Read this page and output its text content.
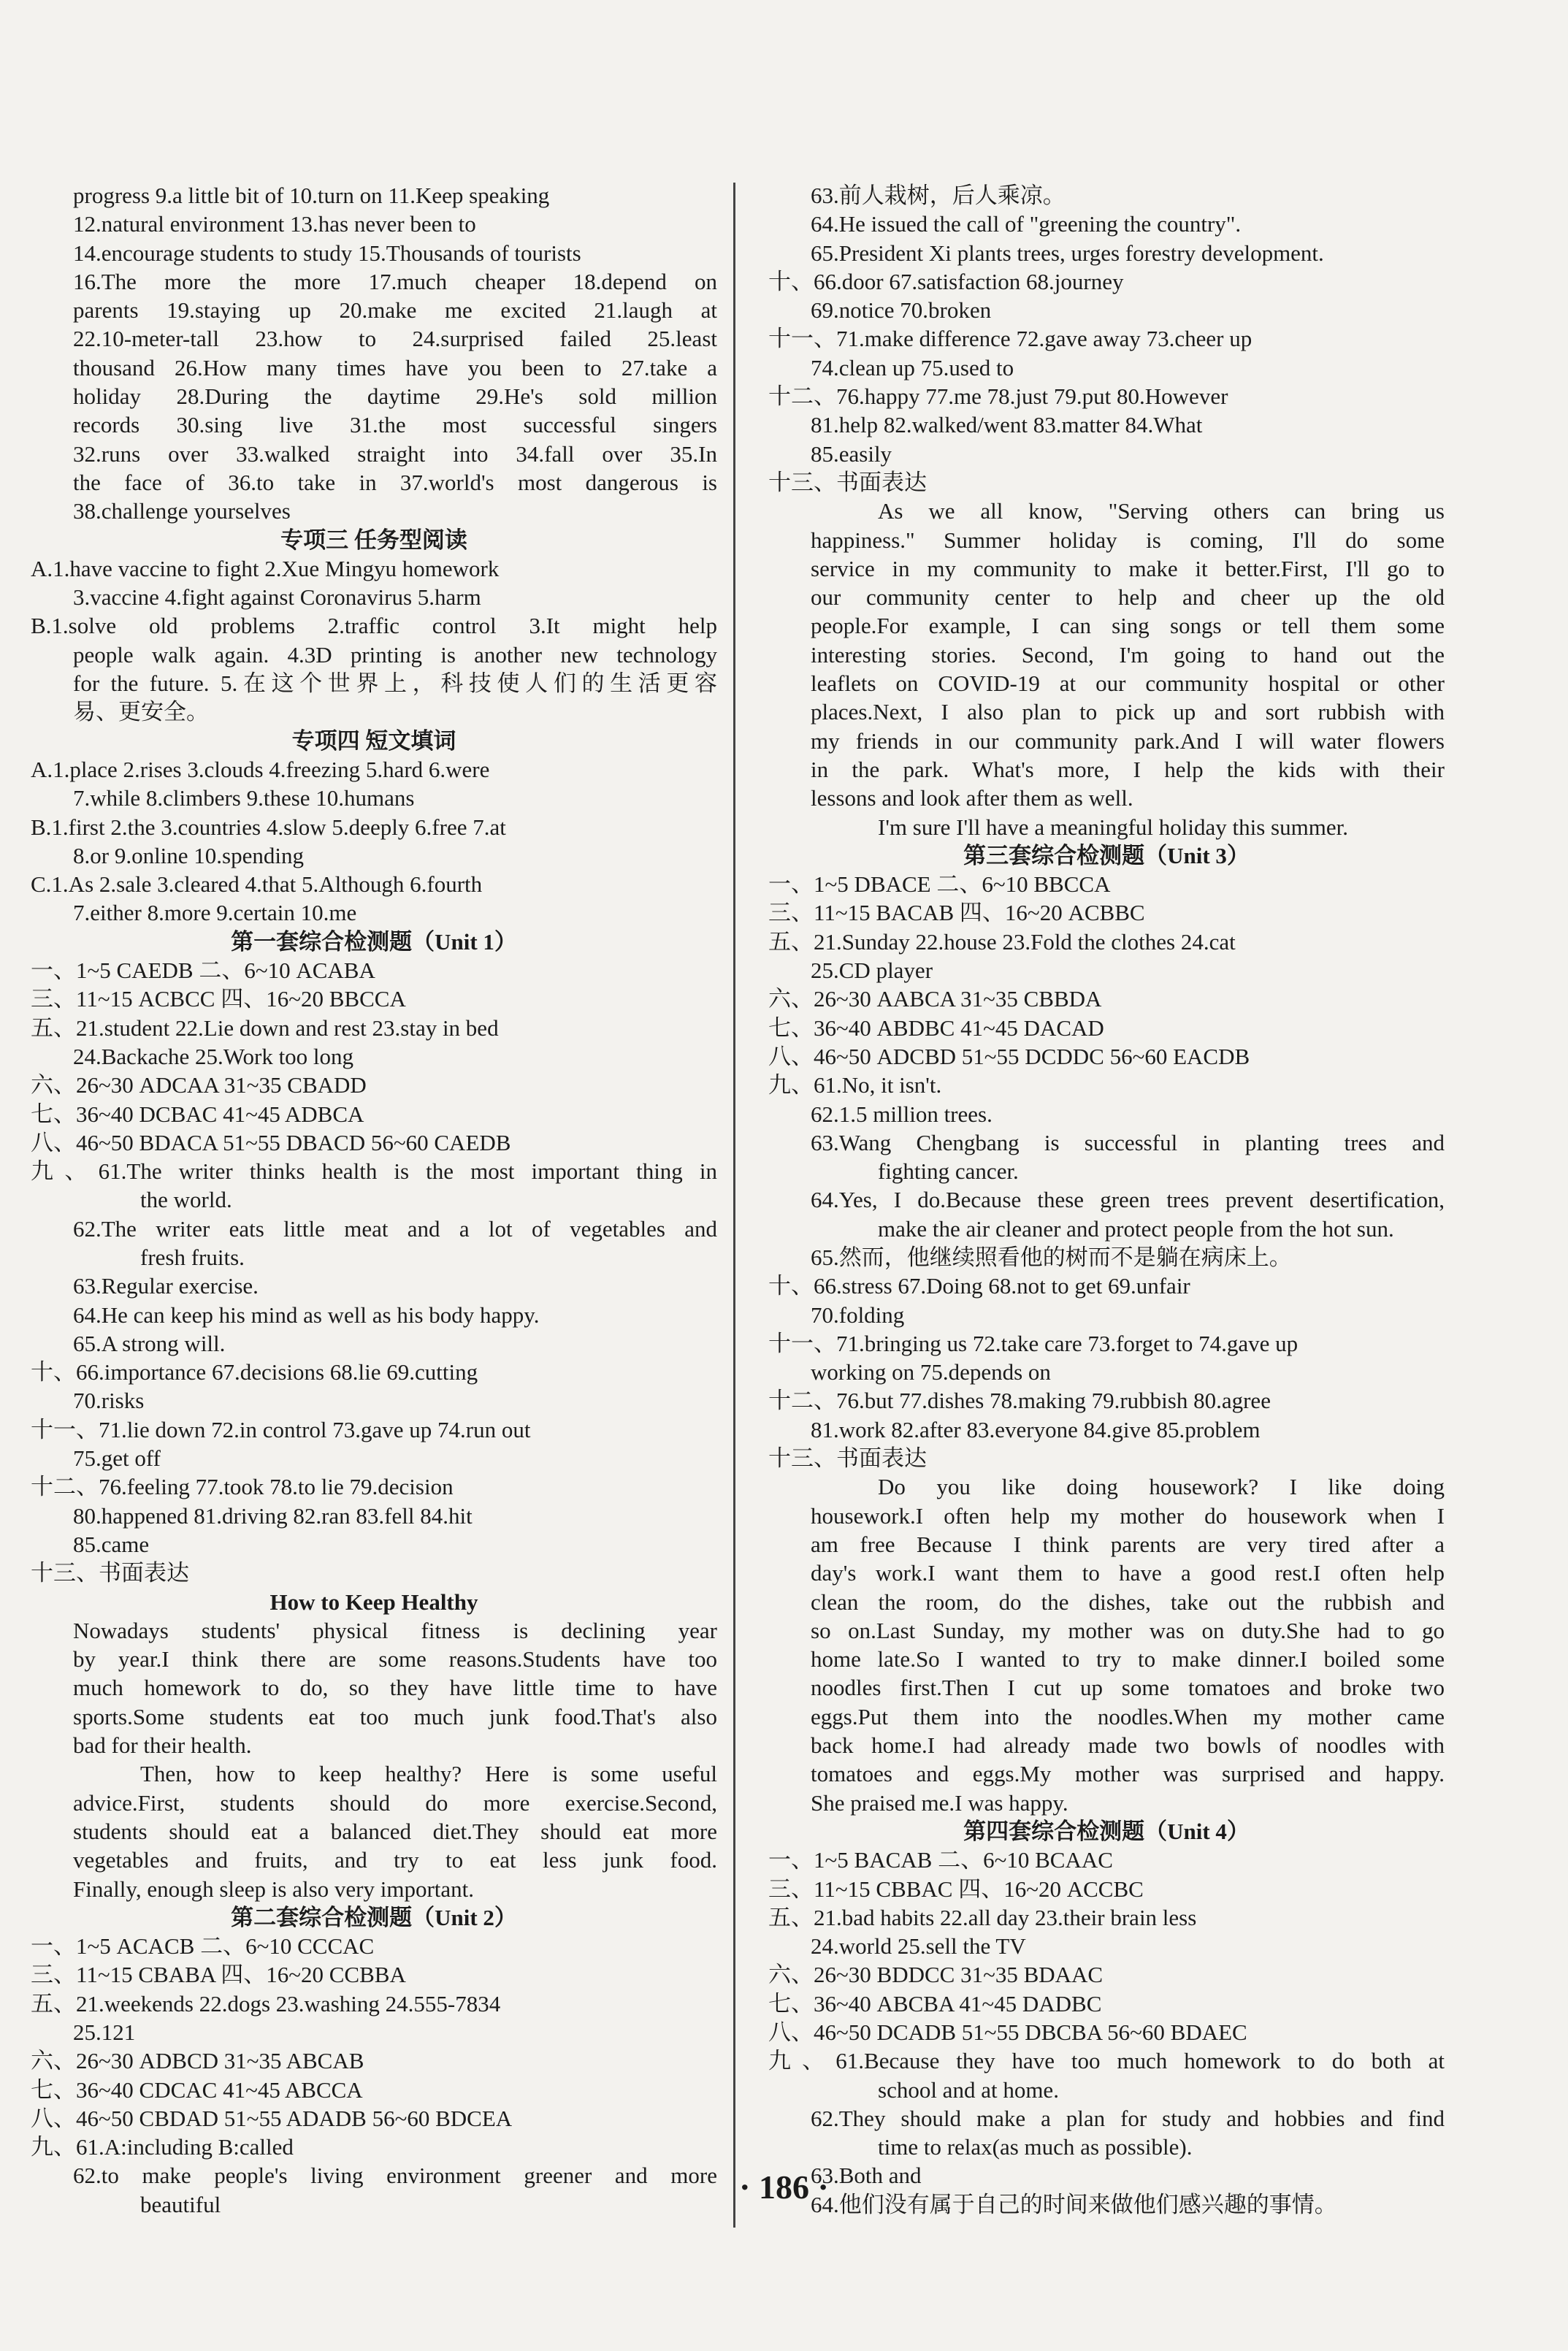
progress 9.a little bit of 10.turn on 11.Keep speaking
12.natural environment 13.has never been to
14.encourage students to study 15.Thousands of tourists
16.The more the more 17.much cheaper 18.depend on
parents 19.staying up 20.make me excited 21.laugh at
22.10-meter-tall 23.how to 24.surprised failed 25.least
thousand 26.How many times have you been to 27.take a
holiday 28.During the daytime 29.He's sold million
records 30.sing live 31.the most successful singers
32.runs over 33.walked straight into 34.fall over 35.In
the face of 36.to take in 37.world's most dangerous is
38.challenge yourselves
专项三 任务型阅读
A.1.have vaccine to fight 2.Xue Mingyu homework
3.vaccine 4.fight against Coronavirus 5.harm
B.1.solve old problems 2.traffic control 3.It might help
people walk again. 4.3D printing is another new technology
for the future. 5.在这个世界上，科技使人们的生活更容
易、更安全。
专项四 短文填词
A.1.place 2.rises 3.clouds 4.freezing 5.hard 6.were
7.while 8.climbers 9.these 10.humans
B.1.first 2.the 3.countries 4.slow 5.deeply 6.free 7.at
8.or 9.online 10.spending
C.1.As 2.sale 3.cleared 4.that 5.Although 6.fourth
7.either 8.more 9.certain 10.me
第一套综合检测题（Unit 1）
一、1~5 CAEDB 二、6~10 ACABA
三、11~15 ACBCC 四、16~20 BBCCA
五、21.student 22.Lie down and rest 23.stay in bed
24.Backache 25.Work too long
六、26~30 ADCAA 31~35 CBADD
七、36~40 DCBAC 41~45 ADBCA
八、46~50 BDACA 51~55 DBACD 56~60 CAEDB
九、61.The writer thinks health is the most important thing in
the world.
62.The writer eats little meat and a lot of vegetables and
fresh fruits.
63.Regular exercise.
64.He can keep his mind as well as his body happy.
65.A strong will.
十、66.importance 67.decisions 68.lie 69.cutting
70.risks
十一、71.lie down 72.in control 73.gave up 74.run out
75.get off
十二、76.feeling 77.took 78.to lie 79.decision
80.happened 81.driving 82.ran 83.fell 84.hit
85.came
十三、书面表达
How to Keep Healthy
Nowadays students' physical fitness is declining year
by year.I think there are some reasons.Students have too
much homework to do, so they have little time to have
sports.Some students eat too much junk food.That's also
bad for their health.
Then, how to keep healthy? Here is some useful
advice.First, students should do more exercise.Second,
students should eat a balanced diet.They should eat more
vegetables and fruits, and try to eat less junk food.
Finally, enough sleep is also very important.
第二套综合检测题（Unit 2）
一、1~5 ACACB 二、6~10 CCCAC
三、11~15 CBABA 四、16~20 CCBBA
五、21.weekends 22.dogs 23.washing 24.555-7834
25.121
六、26~30 ADBCD 31~35 ABCAB
七、36~40 CDCAC 41~45 ABCCA
八、46~50 CBDAD 51~55 ADADB 56~60 BDCEA
九、61.A:including B:called
62.to make people's living environment greener and more
beautiful
63.前人栽树，后人乘凉。
64.He issued the call of "greening the country".
65.President Xi plants trees, urges forestry development.
十、66.door 67.satisfaction 68.journey
69.notice 70.broken
十一、71.make difference 72.gave away 73.cheer up
74.clean up 75.used to
十二、76.happy 77.me 78.just 79.put 80.However
81.help 82.walked/went 83.matter 84.What
85.easily
十三、书面表达
As we all know, "Serving others can bring us
happiness." Summer holiday is coming, I'll do some
service in my community to make it better.First, I'll go to
our community center to help and cheer up the old
people.For example, I can sing songs or tell them some
interesting stories. Second, I'm going to hand out the
leaflets on COVID-19 at our community hospital or other
places.Next, I also plan to pick up and sort rubbish with
my friends in our community park.And I will water flowers
in the park. What's more, I help the kids with their
lessons and look after them as well.
I'm sure I'll have a meaningful holiday this summer.
第三套综合检测题（Unit 3）
一、1~5 DBACE 二、6~10 BBCCA
三、11~15 BACAB 四、16~20 ACBBC
五、21.Sunday 22.house 23.Fold the clothes 24.cat
25.CD player
六、26~30 AABCA 31~35 CBBDA
七、36~40 ABDBC 41~45 DACAD
八、46~50 ADCBD 51~55 DCDDC 56~60 EACDB
九、61.No, it isn't.
62.1.5 million trees.
63.Wang Chengbang is successful in planting trees and
fighting cancer.
64.Yes, I do.Because these green trees prevent desertification,
make the air cleaner and protect people from the hot sun.
65.然而，他继续照看他的树而不是躺在病床上。
十、66.stress 67.Doing 68.not to get 69.unfair
70.folding
十一、71.bringing us 72.take care 73.forget to 74.gave up
working on 75.depends on
十二、76.but 77.dishes 78.making 79.rubbish 80.agree
81.work 82.after 83.everyone 84.give 85.problem
十三、书面表达
Do you like doing housework? I like doing
housework.I often help my mother do housework when I
am free Because I think parents are very tired after a
day's work.I want them to have a good rest.I often help
clean the room, do the dishes, take out the rubbish and
so on.Last Sunday, my mother was on duty.She had to go
home late.So I wanted to try to make dinner.I boiled some
noodles first.Then I cut up some tomatoes and broke two
eggs.Put them into the noodles.When my mother came
back home.I had already made two bowls of noodles with
tomatoes and eggs.My mother was surprised and happy.
She praised me.I was happy.
第四套综合检测题（Unit 4）
一、1~5 BACAB 二、6~10 BCAAC
三、11~15 CBBAC 四、16~20 ACCBC
五、21.bad habits 22.all day 23.their brain less
24.world 25.sell the TV
六、26~30 BDDCC 31~35 BDAAC
七、36~40 ABCBA 41~45 DADBC
八、46~50 DCADB 51~55 DBCBA 56~60 BDAEC
九、61.Because they have too much homework to do both at
school and at home.
62.They should make a plan for study and hobbies and find
time to relax(as much as possible).
63.Both and
64.他们没有属于自己的时间来做他们感兴趣的事情。
· 186 ·
